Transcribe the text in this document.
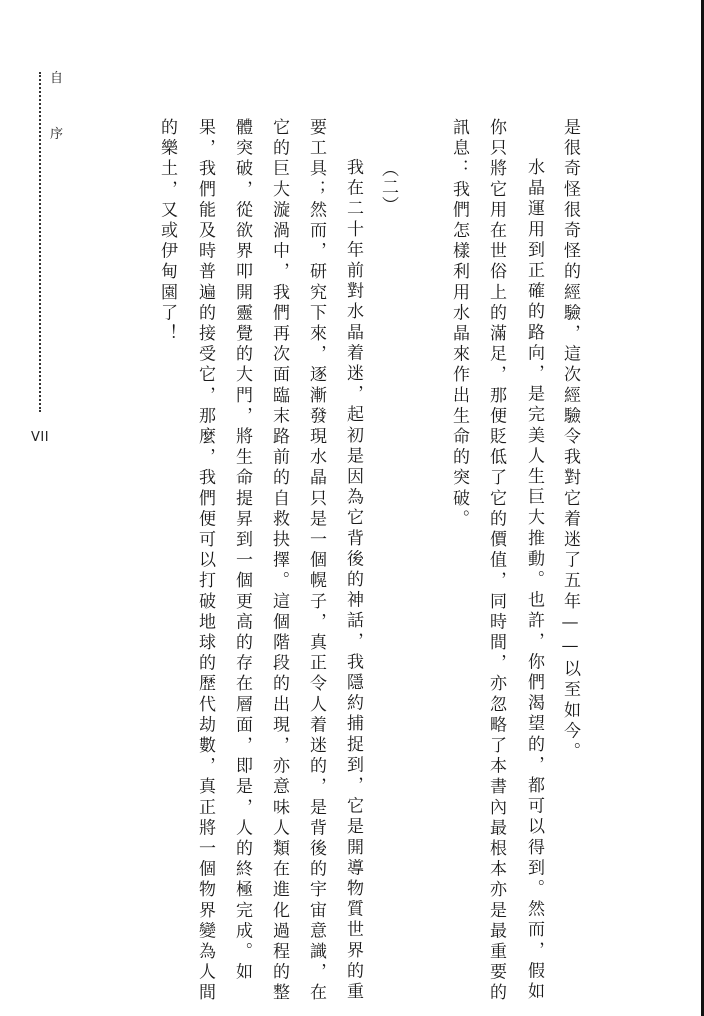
自
序
VII	是很奇怪很奇怪的經驗，這次經驗令我對它着迷了五年——以至如今。
水晶運用到正確的路向，是完美人生巨大推動。也許，你們渴望的，都可以得到。然而，假如
你只將它用在世俗上的滿足，那便貶低了它的價值，同時間，亦忽略了本書內最根本亦是最重要的
訊息：我們怎樣利用水晶來作出生命的突破。
︵二︶
我在二十年前對水晶着迷，起初是因為它背後的神話，我隱約捕捉到，它是開導物質世界的重
要工具；然而，研究下來，逐漸發現水晶只是一個幌子，真正令人着迷的，是背後的宇宙意識，在
它的巨大漩渦中，我們再次面臨末路前的自救抉擇。這個階段的出現，亦意味人類在進化過程的整
體突破，從欲界叩開靈覺的大門，將生命提昇到一個更高的存在層面，即是，人的終極完成。如
果，我們能及時普遍的接受它，那麼，我們便可以打破地球的歷代劫數，真正將一個物界變為人間
的樂土，又或伊甸園了！
